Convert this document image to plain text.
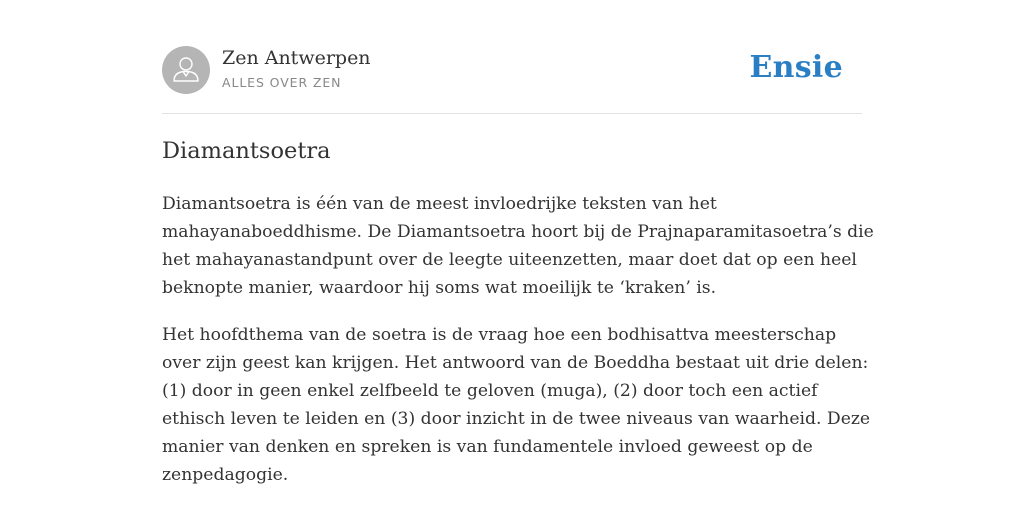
Zen Antwerpen
ALLES OVER ZEN	Ensie
Diamantsoetra

Diamantsoetra is één van de meest invloedrijke teksten van het
mahayanaboeddhisme. De Diamantsoetra hoort bij de Prajnaparamitasoetra’s die
het mahayanastandpunt over de leegte uiteenzetten, maar doet dat op een heel
beknopte manier, waardoor hij soms wat moeilijk te ‘kraken’ is.

Het hoofdthema van de soetra is de vraag hoe een bodhisattva meesterschap
over zijn geest kan krijgen. Het antwoord van de Boeddha bestaat uit drie delen:
(1) door in geen enkel zelfbeeld te geloven (muga), (2) door toch een actief
ethisch leven te leiden en (3) door inzicht in de twee niveaus van waarheid. Deze
manier van denken en spreken is van fundamentele invloed geweest op de
zenpedagogie.
